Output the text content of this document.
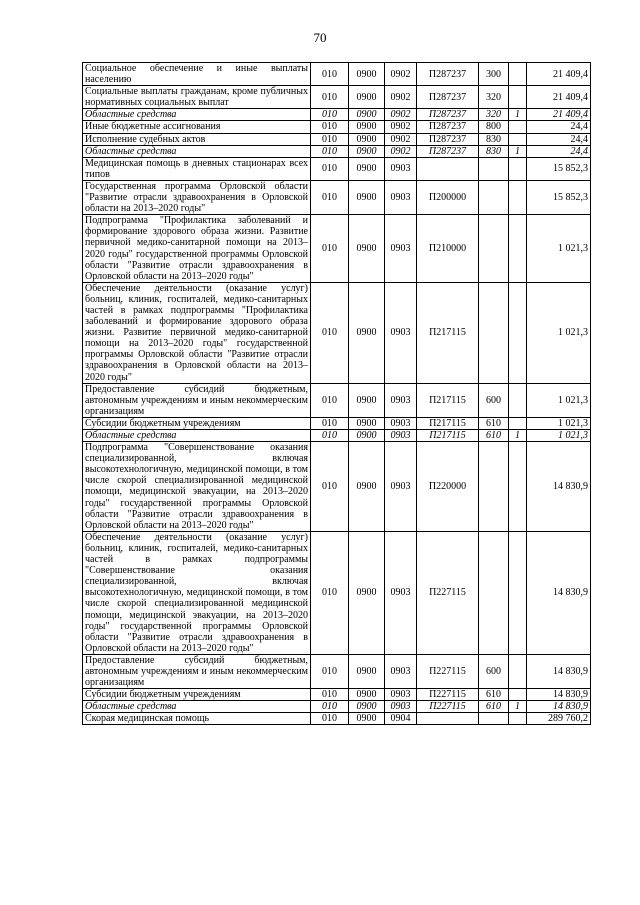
70
Социальное обеспечение и иные выплаты населению	010	0900	0902	П287237	300		21 409,4
Социальные выплаты гражданам, кроме публичных нормативных социальных выплат	010	0900	0902	П287237	320		21 409,4
Областные средства	010	0900	0902	П287237	320	1	21 409,4
Иные бюджетные ассигнования	010	0900	0902	П287237	800		24,4
Исполнение судебных актов	010	0900	0902	П287237	830		24,4
Областные средства	010	0900	0902	П287237	830	1	24,4
Медицинская помощь в дневных стационарах всех типов	010	0900	0903				15 852,3
Государственная программа Орловской области "Развитие отрасли здравоохранения в Орловской области на 2013–2020 годы"	010	0900	0903	П200000			15 852,3
Подпрограмма "Профилактика заболеваний и формирование здорового образа жизни. Развитие первичной медико-санитарной помощи на 2013–2020 годы" государственной программы Орловской области "Развитие отрасли здравоохранения в Орловской области на 2013–2020 годы"	010	0900	0903	П210000			1 021,3
Обеспечение деятельности (оказание услуг) больниц, клиник, госпиталей, медико-санитарных частей в рамках подпрограммы "Профилактика заболеваний и формирование здорового образа жизни. Развитие первичной медико-санитарной помощи на 2013–2020 годы" государственной программы Орловской области "Развитие отрасли здравоохранения в Орловской области на 2013–2020 годы"	010	0900	0903	П217115			1 021,3
Предоставление субсидий бюджетным, автономным учреждениям и иным некоммерческим организациям	010	0900	0903	П217115	600		1 021,3
Субсидии бюджетным учреждениям	010	0900	0903	П217115	610		1 021,3
Областные средства	010	0900	0903	П217115	610	1	1 021,3
Подпрограмма "Совершенствование оказания специализированной, включая высокотехнологичную, медицинской помощи, в том числе скорой специализированной медицинской помощи, медицинской эвакуации, на 2013–2020 годы" государственной программы Орловской области "Развитие отрасли здравоохранения в Орловской области на 2013–2020 годы"	010	0900	0903	П220000			14 830,9
Обеспечение деятельности (оказание услуг) больниц, клиник, госпиталей, медико-санитарных частей в рамках подпрограммы "Совершенствование оказания специализированной, включая высокотехнологичную, медицинской помощи, в том числе скорой специализированной медицинской помощи, медицинской эвакуации, на 2013–2020 годы" государственной программы Орловской области "Развитие отрасли здравоохранения в Орловской области на 2013–2020 годы"	010	0900	0903	П227115			14 830,9
Предоставление субсидий бюджетным, автономным учреждениям и иным некоммерческим организациям	010	0900	0903	П227115	600		14 830,9
Субсидии бюджетным учреждениям	010	0900	0903	П227115	610		14 830,9
Областные средства	010	0900	0903	П227115	610	1	14 830,9
Скорая медицинская помощь	010	0900	0904				289 760,2
